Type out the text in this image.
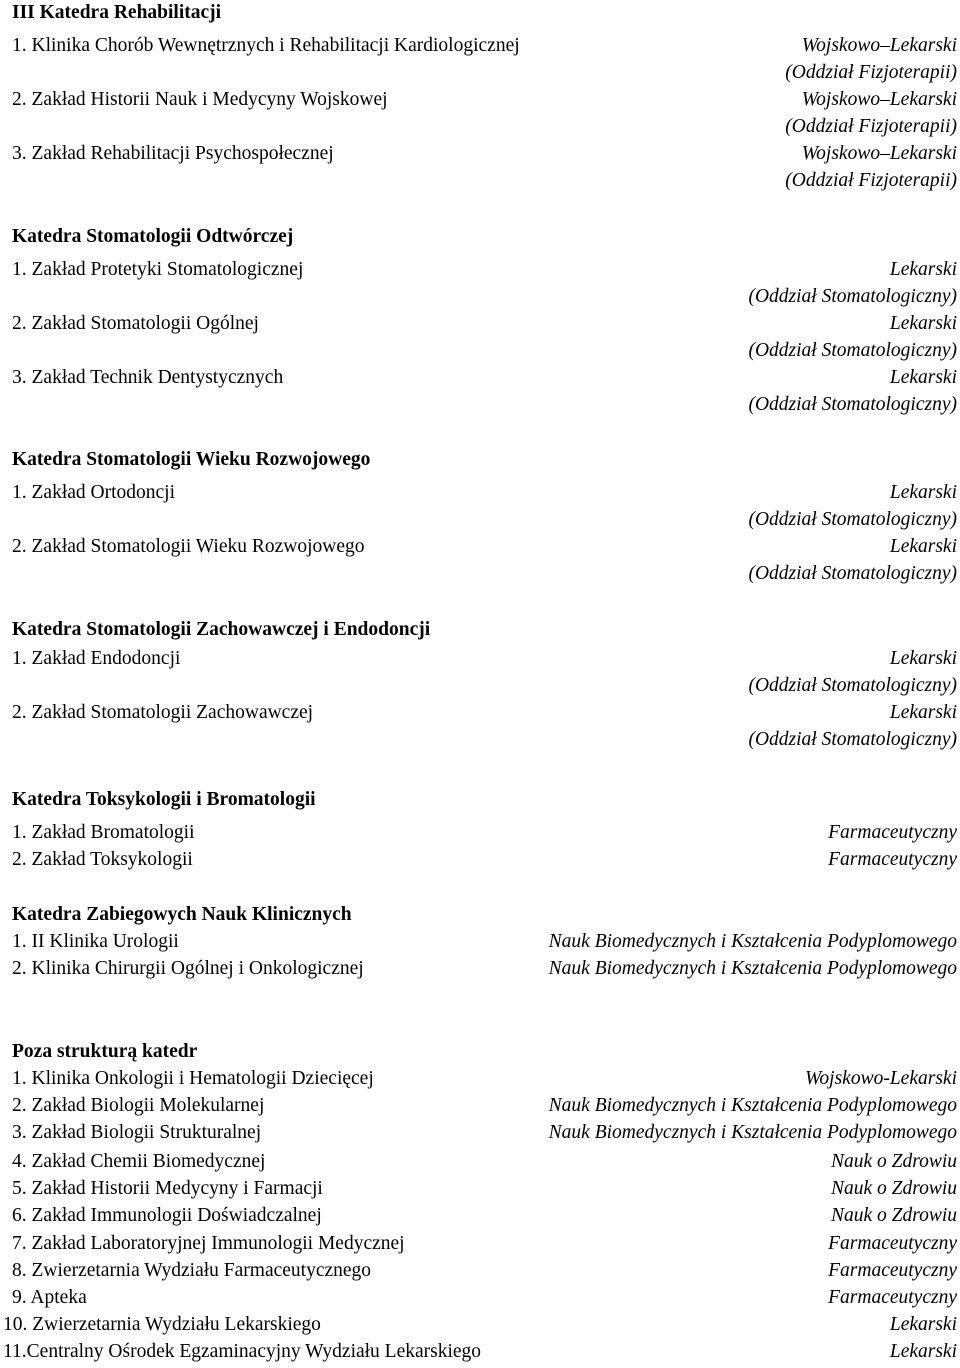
III Katedra Rehabilitacji
1. Klinika Chorób Wewnętrznych i Rehabilitacji Kardiologicznej	Wojskowo–Lekarski
(Oddział Fizjoterapii)
2. Zakład Historii Nauk i Medycyny Wojskowej	Wojskowo–Lekarski
(Oddział Fizjoterapii)
3. Zakład Rehabilitacji Psychospołecznej	Wojskowo–Lekarski
(Oddział Fizjoterapii)
Katedra Stomatologii Odtwórczej
1. Zakład Protetyki Stomatologicznej	Lekarski
(Oddział Stomatologiczny)
2. Zakład Stomatologii Ogólnej	Lekarski
(Oddział Stomatologiczny)
3. Zakład Technik Dentystycznych	Lekarski
(Oddział Stomatologiczny)
Katedra Stomatologii Wieku Rozwojowego
1. Zakład Ortodoncji	Lekarski
(Oddział Stomatologiczny)
2. Zakład Stomatologii Wieku Rozwojowego	Lekarski
(Oddział Stomatologiczny)
Katedra Stomatologii Zachowawczej i Endodoncji
1. Zakład Endodoncji	Lekarski
(Oddział Stomatologiczny)
2. Zakład Stomatologii Zachowawczej	Lekarski
(Oddział Stomatologiczny)
Katedra Toksykologii i Bromatologii
1. Zakład Bromatologii	Farmaceutyczny
2. Zakład Toksykologii	Farmaceutyczny
Katedra Zabiegowych Nauk Klinicznych
1. II Klinika Urologii	Nauk Biomedycznych i Kształcenia Podyplomowego
2. Klinika Chirurgii Ogólnej i Onkologicznej	Nauk Biomedycznych i Kształcenia Podyplomowego
Poza strukturą katedr
1. Klinika Onkologii i Hematologii Dziecięcej	Wojskowo-Lekarski
2. Zakład Biologii Molekularnej	Nauk Biomedycznych i Kształcenia Podyplomowego
3. Zakład Biologii Strukturalnej	Nauk Biomedycznych i Kształcenia Podyplomowego
4. Zakład Chemii Biomedycznej	Nauk o Zdrowiu
5. Zakład Historii Medycyny i Farmacji	Nauk o Zdrowiu
6. Zakład Immunologii Doświadczalnej	Nauk o Zdrowiu
7. Zakład Laboratoryjnej Immunologii Medycznej	Farmaceutyczny
8. Zwierzetarnia Wydziału Farmaceutycznego	Farmaceutyczny
9. Apteka	Farmaceutyczny
10. Zwierzetarnia Wydziału Lekarskiego	Lekarski
11.Centralny Ośrodek Egzaminacyjny Wydziału Lekarskiego	Lekarski
